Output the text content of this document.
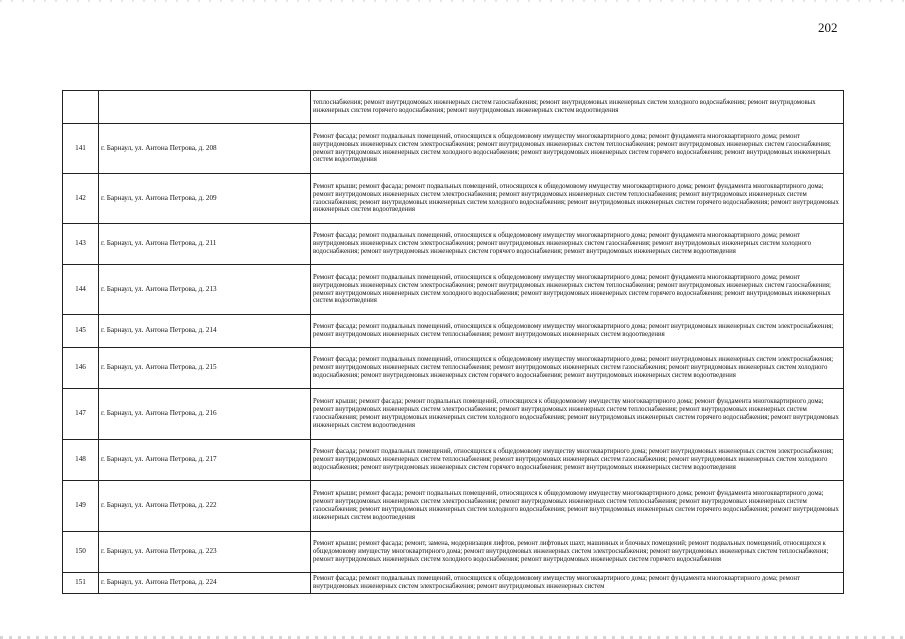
202

		теплоснабжения; ремонт внутридомовых инженерных систем газоснабжения; ремонт внутридомовых инженерных систем холодного водоснабжения; ремонт внутридомовых инженерных систем горячего водоснабжения; ремонт внутридомовых инженерных систем водоотведения

141	г. Барнаул, ул. Антона Петрова, д. 208	Ремонт фасада; ремонт подвальных помещений, относящихся к общедомовому имуществу многоквартирного дома; ремонт фундамента многоквартирного дома; ремонт внутридомовых инженерных систем электроснабжения; ремонт внутридомовых инженерных систем теплоснабжения; ремонт внутридомовых инженерных систем газоснабжения; ремонт внутридомовых инженерных систем холодного водоснабжения; ремонт внутридомовых инженерных систем горячего водоснабжения; ремонт внутридомовых инженерных систем водоотведения

142	г. Барнаул, ул. Антона Петрова, д. 209	Ремонт крыши; ремонт фасада; ремонт подвальных помещений, относящихся к общедомовому имуществу многоквартирного дома; ремонт фундамента многоквартирного дома; ремонт внутридомовых инженерных систем электроснабжения; ремонт внутридомовых инженерных систем теплоснабжения; ремонт внутридомовых инженерных систем газоснабжения; ремонт внутридомовых инженерных систем холодного водоснабжения; ремонт внутридомовых инженерных систем горячего водоснабжения; ремонт внутридомовых инженерных систем водоотведения

143	г. Барнаул, ул. Антона Петрова, д. 211	Ремонт фасада; ремонт подвальных помещений, относящихся к общедомовому имуществу многоквартирного дома; ремонт фундамента многоквартирного дома; ремонт внутридомовых инженерных систем электроснабжения; ремонт внутридомовых инженерных систем газоснабжения; ремонт внутридомовых инженерных систем холодного водоснабжения; ремонт внутридомовых инженерных систем горячего водоснабжения; ремонт внутридомовых инженерных систем водоотведения

144	г. Барнаул, ул. Антона Петрова, д. 213	Ремонт фасада; ремонт подвальных помещений, относящихся к общедомовому имуществу многоквартирного дома; ремонт фундамента многоквартирного дома; ремонт внутридомовых инженерных систем электроснабжения; ремонт внутридомовых инженерных систем теплоснабжения; ремонт внутридомовых инженерных систем газоснабжения; ремонт внутридомовых инженерных систем холодного водоснабжения; ремонт внутридомовых инженерных систем горячего водоснабжения; ремонт внутридомовых инженерных систем водоотведения

145	г. Барнаул, ул. Антона Петрова, д. 214	Ремонт фасада; ремонт подвальных помещений, относящихся к общедомовому имуществу многоквартирного дома; ремонт внутридомовых инженерных систем электроснабжения; ремонт внутридомовых инженерных систем теплоснабжения; ремонт внутридомовых инженерных систем водоотведения

146	г. Барнаул, ул. Антона Петрова, д. 215	Ремонт фасада; ремонт подвальных помещений, относящихся к общедомовому имуществу многоквартирного дома; ремонт внутридомовых инженерных систем электроснабжения; ремонт внутридомовых инженерных систем теплоснабжения; ремонт внутридомовых инженерных систем газоснабжения; ремонт внутридомовых инженерных систем холодного водоснабжения; ремонт внутридомовых инженерных систем горячего водоснабжения; ремонт внутридомовых инженерных систем водоотведения

147	г. Барнаул, ул. Антона Петрова, д. 216	Ремонт крыши; ремонт фасада; ремонт подвальных помещений, относящихся к общедомовому имуществу многоквартирного дома; ремонт фундамента многоквартирного дома; ремонт внутридомовых инженерных систем электроснабжения; ремонт внутридомовых инженерных систем теплоснабжения; ремонт внутридомовых инженерных систем газоснабжения; ремонт внутридомовых инженерных систем холодного водоснабжения; ремонт внутридомовых инженерных систем горячего водоснабжения; ремонт внутридомовых инженерных систем водоотведения

148	г. Барнаул, ул. Антона Петрова, д. 217	Ремонт фасада; ремонт подвальных помещений, относящихся к общедомовому имуществу многоквартирного дома; ремонт внутридомовых инженерных систем электроснабжения; ремонт внутридомовых инженерных систем теплоснабжения; ремонт внутридомовых инженерных систем газоснабжения; ремонт внутридомовых инженерных систем холодного водоснабжения; ремонт внутридомовых инженерных систем горячего водоснабжения; ремонт внутридомовых инженерных систем водоотведения

149	г. Барнаул, ул. Антона Петрова, д. 222	Ремонт крыши; ремонт фасада; ремонт подвальных помещений, относящихся к общедомовому имуществу многоквартирного дома; ремонт фундамента многоквартирного дома; ремонт внутридомовых инженерных систем электроснабжения; ремонт внутридомовых инженерных систем теплоснабжения; ремонт внутридомовых инженерных систем газоснабжения; ремонт внутридомовых инженерных систем холодного водоснабжения; ремонт внутридомовых инженерных систем горячего водоснабжения; ремонт внутридомовых инженерных систем водоотведения

150	г. Барнаул, ул. Антона Петрова, д. 223	Ремонт крыши; ремонт фасада; ремонт, замена, модернизация лифтов, ремонт лифтовых шахт, машинных и блочных помещений; ремонт подвальных помещений, относящихся к общедомовому имуществу многоквартирного дома; ремонт внутридомовых инженерных систем электроснабжения; ремонт внутридомовых инженерных систем теплоснабжения; ремонт внутридомовых инженерных систем холодного водоснабжения; ремонт внутридомовых инженерных систем горячего водоснабжения

151	г. Барнаул, ул. Антона Петрова, д. 224	Ремонт фасада; ремонт подвальных помещений, относящихся к общедомовому имуществу многоквартирного дома; ремонт фундамента многоквартирного дома; ремонт внутридомовых инженерных систем электроснабжения; ремонт внутридомовых инженерных систем
